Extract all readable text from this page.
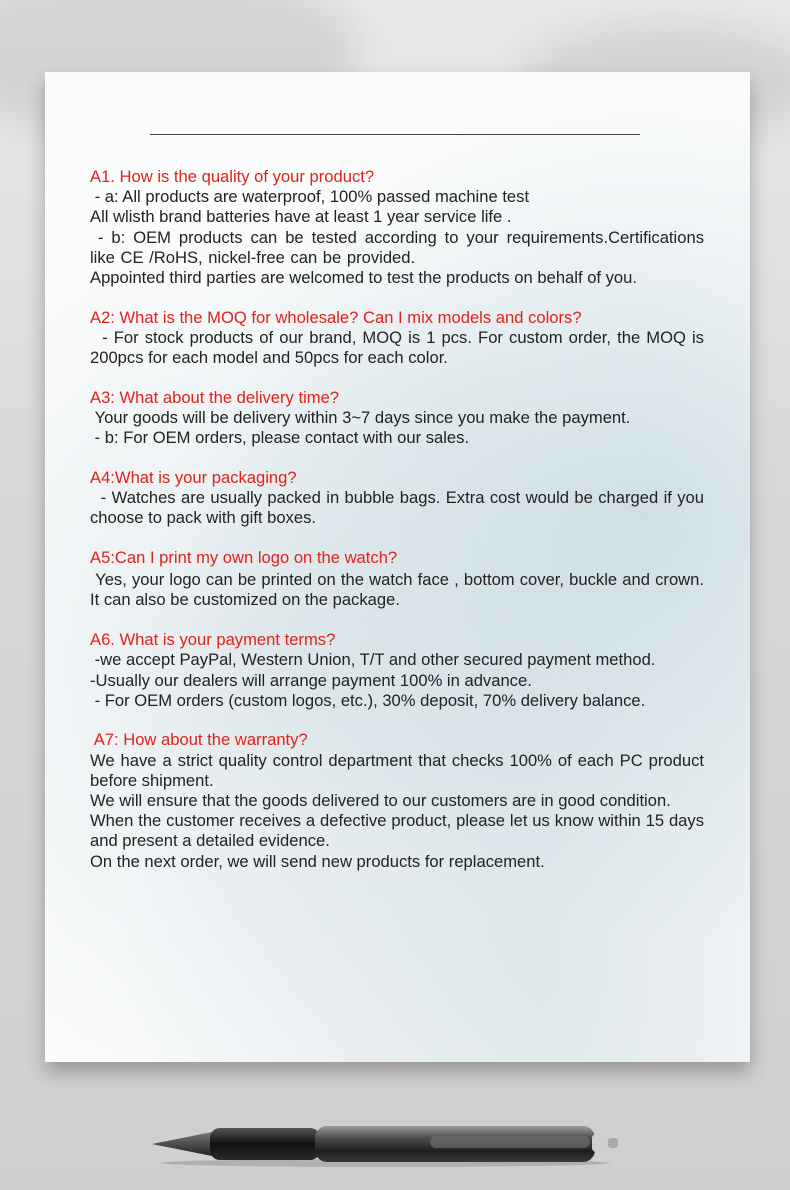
A1. How is the quality of your product?

- a: All products are waterproof, 100% passed machine test

All wlisth brand batteries have at least 1 year service life .

- b: OEM products can be tested according to your requirements.Certifications like CE /RoHS, nickel-free can be provided.

Appointed third parties are welcomed to test the products on behalf of you.

A2: What is the MOQ for wholesale? Can I mix models and colors?

- For stock products of our brand, MOQ is 1 pcs. For custom order, the MOQ is 200pcs for each model and 50pcs for each color.

A3: What about the delivery time?

Your goods will be delivery within 3~7 days since you make the payment.

- b: For OEM orders, please contact with our sales.

A4:What is your packaging?

- Watches are usually packed in bubble bags. Extra cost would be charged if you choose to pack with gift boxes.

A5:Can I print my own logo on the watch?

Yes, your logo can be printed on the watch face , bottom cover, buckle and crown. It can also be customized on the package.

A6. What is your payment terms?

-we accept PayPal, Western Union, T/T and other secured payment method.

-Usually our dealers will arrange payment 100% in advance.

- For OEM orders (custom logos, etc.), 30% deposit, 70% delivery balance.

A7: How about the warranty?

We have a strict quality control department that checks 100% of each PC product before shipment.

We will ensure that the goods delivered to our customers are in good condition.

When the customer receives a defective product, please let us know within 15 days and present a detailed evidence.

On the next order, we will send new products for replacement.
